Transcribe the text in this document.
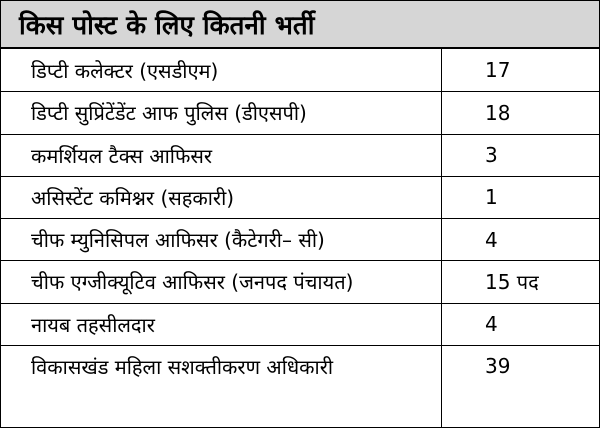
किस पोस्ट के लिए कितनी भर्ती
डिप्टी कलेक्टर (एसडीएम)	17
डिप्टी सुप्रिंटेंडेंट आफ पुलिस (डीएसपी)	18
कमर्शियल टैक्स आफिसर	3
असिस्टेंट कमिश्नर (सहकारी)	1
चीफ म्युनिसिपल आफिसर (कैटेगरी– सी)	4
चीफ एग्जीक्यूटिव आफिसर (जनपद पंचायत)	15 पद
नायब तहसीलदार	4
विकासखंड महिला सशक्तीकरण अधिकारी	39
